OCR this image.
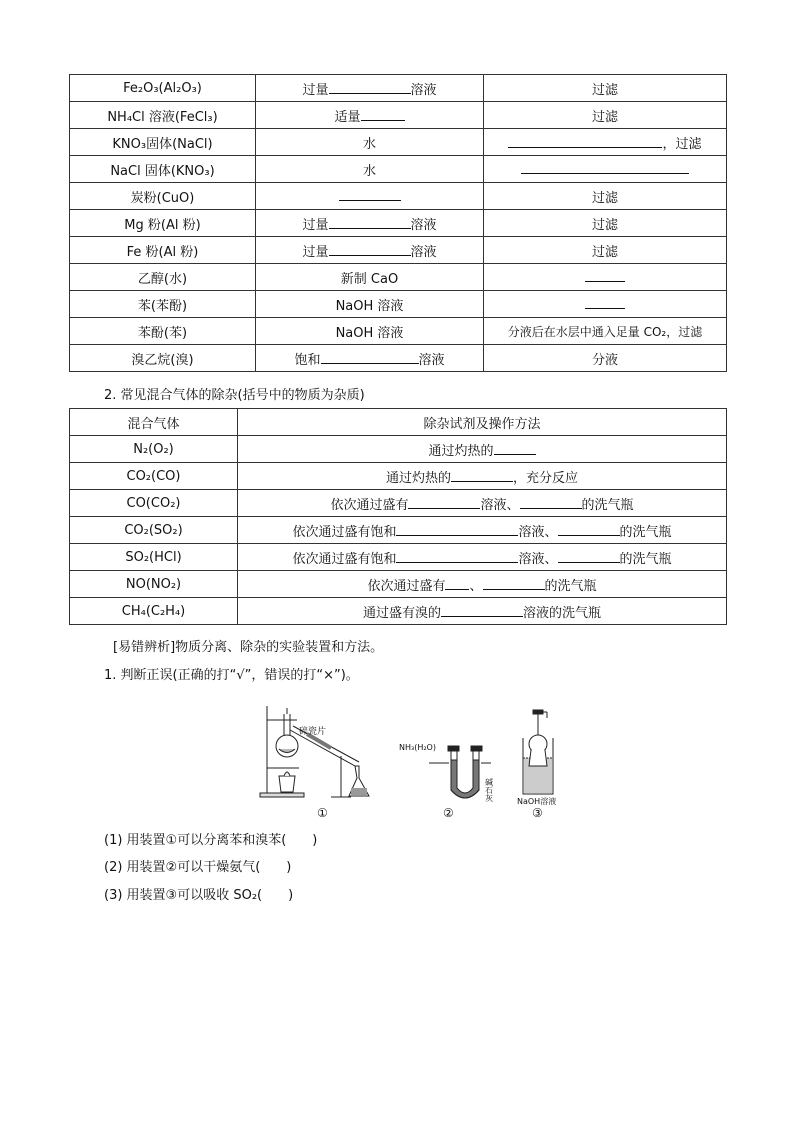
Fe₂O₃(Al₂O₃)	过量 溶液	过滤
NH₄Cl 溶液(FeCl₃)	适量	过滤
KNO₃固体(NaCl)	水	，过滤
NaCl 固体(KNO₃)	水	
炭粉(CuO)		过滤
Mg 粉(Al 粉)	过量 溶液	过滤
Fe 粉(Al 粉)	过量 溶液	过滤
乙醇(水)	新制 CaO	
苯(苯酚)	NaOH 溶液	
苯酚(苯)	NaOH 溶液	分液后在水层中通入足量 CO₂，过滤
溴乙烷(溴)	饱和 溶液	分液
2. 常见混合气体的除杂(括号中的物质为杂质)
混合气体	除杂试剂及操作方法
N₂(O₂)	通过灼热的
CO₂(CO)	通过灼热的 ，充分反应
CO(CO₂)	依次通过盛有 溶液、 的洗气瓶
CO₂(SO₂)	依次通过盛有饱和 溶液、 的洗气瓶
SO₂(HCl)	依次通过盛有饱和 溶液、 的洗气瓶
NO(NO₂)	依次通过盛有 、 的洗气瓶
CH₄(C₂H₄)	通过盛有溴的 溶液的洗气瓶
[易错辨析]物质分离、除杂的实验装置和方法。
1. 判断正误(正确的打“√”，错误的打“×”)。
碎瓷片
NH₃(H₂O)
碱石灰	NaOH溶液
①	②	③
(1) 用装置①可以分离苯和溴苯(　　)
(2) 用装置②可以干燥氨气(　　)
(3) 用装置③可以吸收 SO₂(　　)
